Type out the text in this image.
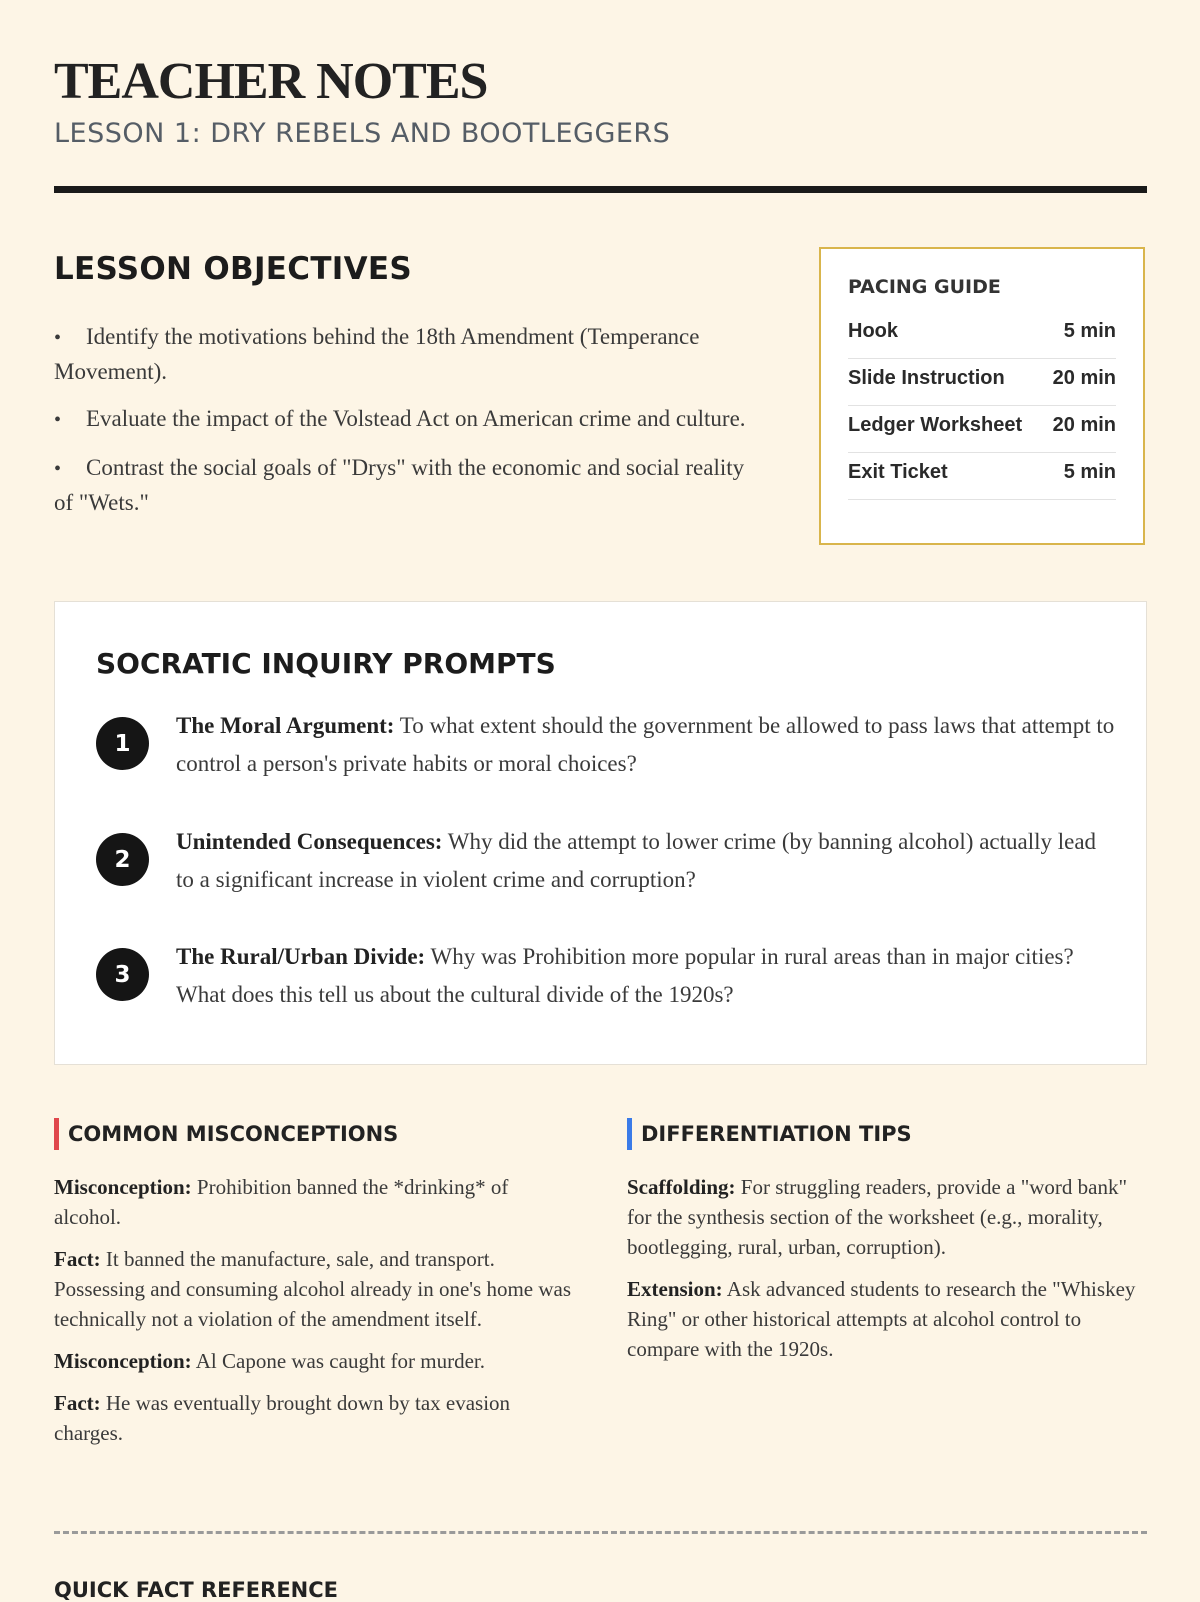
TEACHER NOTES
LESSON 1: DRY REBELS AND BOOTLEGGERS
LESSON OBJECTIVES
• Identify the motivations behind the 18th Amendment (Temperance Movement).
• Evaluate the impact of the Volstead Act on American crime and culture.
• Contrast the social goals of "Drys" with the economic and social reality of "Wets."
PACING GUIDE
Hook	5 min
Slide Instruction 20 min
Ledger Worksheet 20 min
Exit Ticket	5 min
SOCRATIC INQUIRY PROMPTS
1
The Moral Argument: To what extent should the government be allowed to pass laws that attempt to control a person's private habits or moral choices?
2
Unintended Consequences: Why did the attempt to lower crime (by banning alcohol) actually lead to a significant increase in violent crime and corruption?
3
The Rural/Urban Divide: Why was Prohibition more popular in rural areas than in major cities? What does this tell us about the cultural divide of the 1920s?
COMMON MISCONCEPTIONS

Misconception: Prohibition banned the *drinking* of alcohol.

Fact: It banned the manufacture, sale, and transport. Possessing and consuming alcohol already in one's home was technically not a violation of the amendment itself.

Misconception: Al Capone was caught for murder.

Fact: He was eventually brought down by tax evasion charges.

DIFFERENTIATION TIPS

Scaffolding: For struggling readers, provide a "word bank" for the synthesis section of the worksheet (e.g., morality, bootlegging, rural, urban, corruption).

Extension: Ask advanced students to research the "Whiskey Ring" or other historical attempts at alcohol control to compare with the 1920s.

QUICK FACT REFERENCE
